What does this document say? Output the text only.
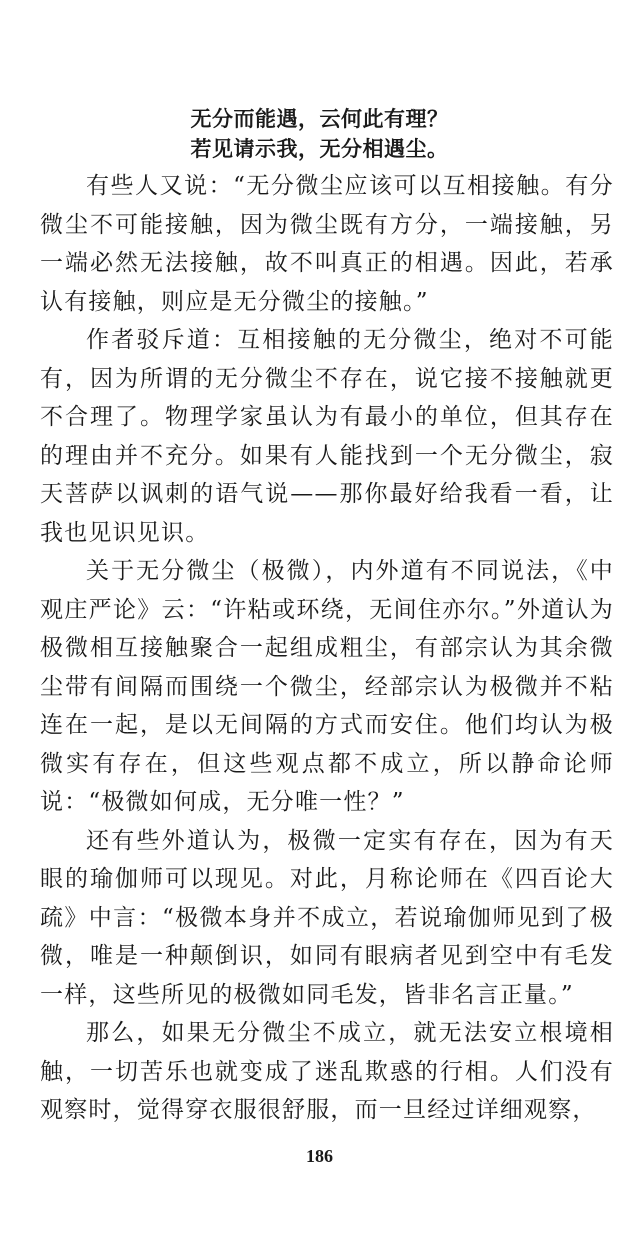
无分而能遇，云何此有理？
若见请示我，无分相遇尘。

有些人又说：“无分微尘应该可以互相接触。有分微尘不可能接触，因为微尘既有方分，一端接触，另一端必然无法接触，故不叫真正的相遇。因此，若承认有接触，则应是无分微尘的接触。”

作者驳斥道：互相接触的无分微尘，绝对不可能有，因为所谓的无分微尘不存在，说它接不接触就更不合理了。物理学家虽认为有最小的单位，但其存在的理由并不充分。如果有人能找到一个无分微尘，寂天菩萨以讽刺的语气说——那你最好给我看一看，让我也见识见识。

关于无分微尘（极微），内外道有不同说法，《中观庄严论》云：“许粘或环绕，无间住亦尔。”外道认为极微相互接触聚合一起组成粗尘，有部宗认为其余微尘带有间隔而围绕一个微尘，经部宗认为极微并不粘连在一起，是以无间隔的方式而安住。他们均认为极微实有存在，但这些观点都不成立，所以静命论师说：“极微如何成，无分唯一性？”

还有些外道认为，极微一定实有存在，因为有天眼的瑜伽师可以现见。对此，月称论师在《四百论大疏》中言：“极微本身并不成立，若说瑜伽师见到了极微，唯是一种颠倒识，如同有眼病者见到空中有毛发一样，这些所见的极微如同毛发，皆非名言正量。”

那么，如果无分微尘不成立，就无法安立根境相触，一切苦乐也就变成了迷乱欺惑的行相。人们没有观察时，觉得穿衣服很舒服，而一旦经过详细观察，

186
